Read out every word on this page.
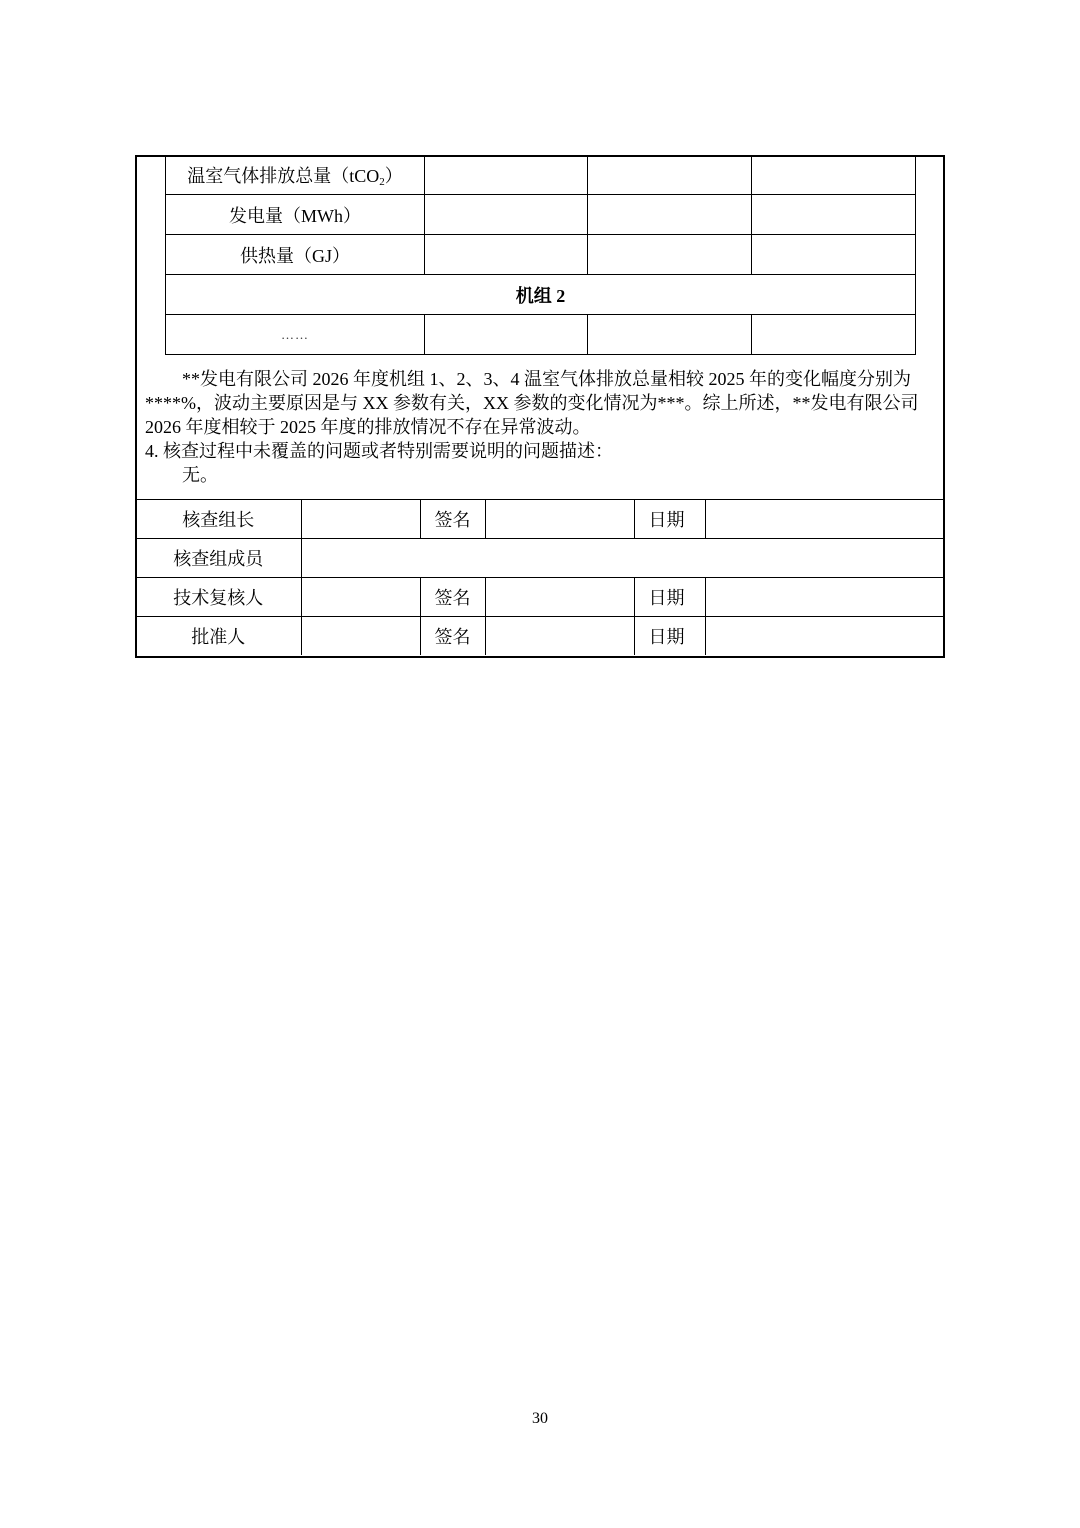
温室气体排放总量（tCO$_2$）			
发电量（MWh）			
供热量（GJ）			
机组 2			
……			

**发电有限公司 2026 年度机组 1、2、3、4 温室气体排放总量相较 2025 年的变化幅度分别为****%，波动主要原因是与 XX 参数有关，XX 参数的变化情况为***。综上所述，**发电有限公司 2026 年度相较于 2025 年度的排放情况不存在异常波动。

4. 核查过程中未覆盖的问题或者特别需要说明的问题描述：

无。

核查组长		签名		日期	
核查组成员					
技术复核人		签名		日期	
批准人		签名		日期	
30
